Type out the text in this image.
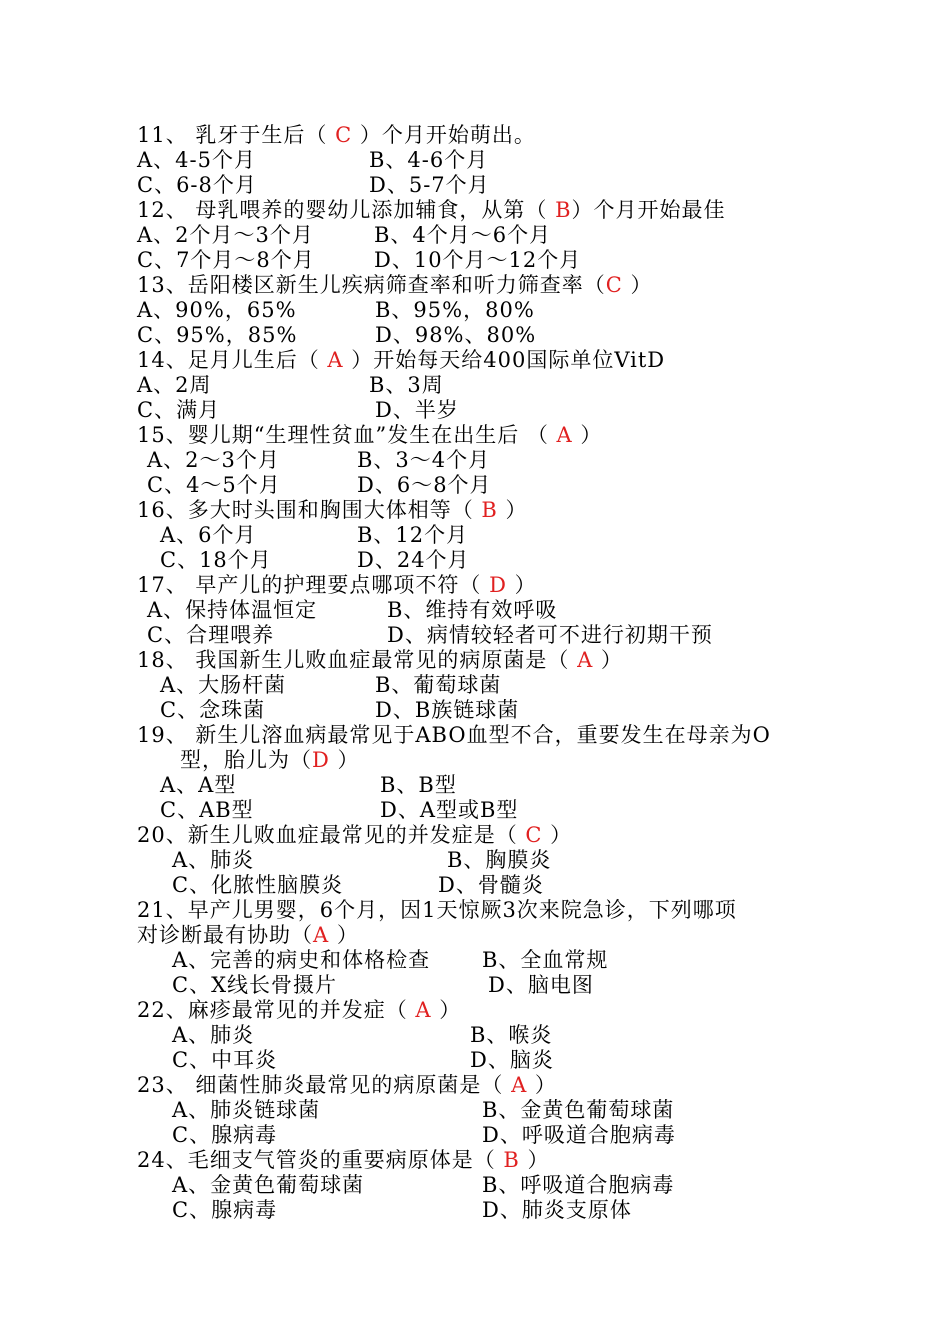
11、 乳牙于生后（ C ）个月开始萌出。

A、4-5个月	B、4-6个月
C、6-8个月	D、5-7个月

12、 母乳喂养的婴幼儿添加辅食，从第（ B）个月开始最佳

A、2个月～3个月	B、4个月～6个月
C、7个月～8个月	D、10个月～12个月

13、岳阳楼区新生儿疾病筛查率和听力筛查率（C ）

A、90%，65%	B、95%，80%
C、95%，85%	D、98%、80%

14、足月儿生后（ A ）开始每天给400国际单位VitD

A、2周	B、3周
C、满月	D、半岁

15、婴儿期“生理性贫血”发生在出生后 （ A ）

A、2～3个月	B、3～4个月
C、4～5个月	D、6～8个月

16、多大时头围和胸围大体相等（ B ）

A、6个月	B、12个月
C、18个月	D、24个月

17、 早产儿的护理要点哪项不符（ D ）

A、保持体温恒定	B、维持有效呼吸
C、合理喂养	D、病情较轻者可不进行初期干预

18、 我国新生儿败血症最常见的病原菌是（ A ）

A、大肠杆菌	B、葡萄球菌
C、念珠菌	D、B族链球菌

19、 新生儿溶血病最常见于ABO血型不合，重要发生在母亲为O

型，胎儿为（D ）

A、A型	B、B型
C、AB型	D、A型或B型

20、新生儿败血症最常见的并发症是（ C ）

A、肺炎	B、胸膜炎
C、化脓性脑膜炎	D、骨髓炎

21、早产儿男婴，6个月，因1天惊厥3次来院急诊，下列哪项

对诊断最有协助（A ）

A、完善的病史和体格检查 B、全血常规
C、X线长骨摄片	D、脑电图

22、麻疹最常见的并发症（ A ）

A、肺炎	B、喉炎
C、中耳炎	D、脑炎

23、 细菌性肺炎最常见的病原菌是（ A ）

A、肺炎链球菌	B、金黄色葡萄球菌
C、腺病毒	D、呼吸道合胞病毒

24、毛细支气管炎的重要病原体是（ B ）

A、金黄色葡萄球菌	B、呼吸道合胞病毒
C、腺病毒	D、肺炎支原体
